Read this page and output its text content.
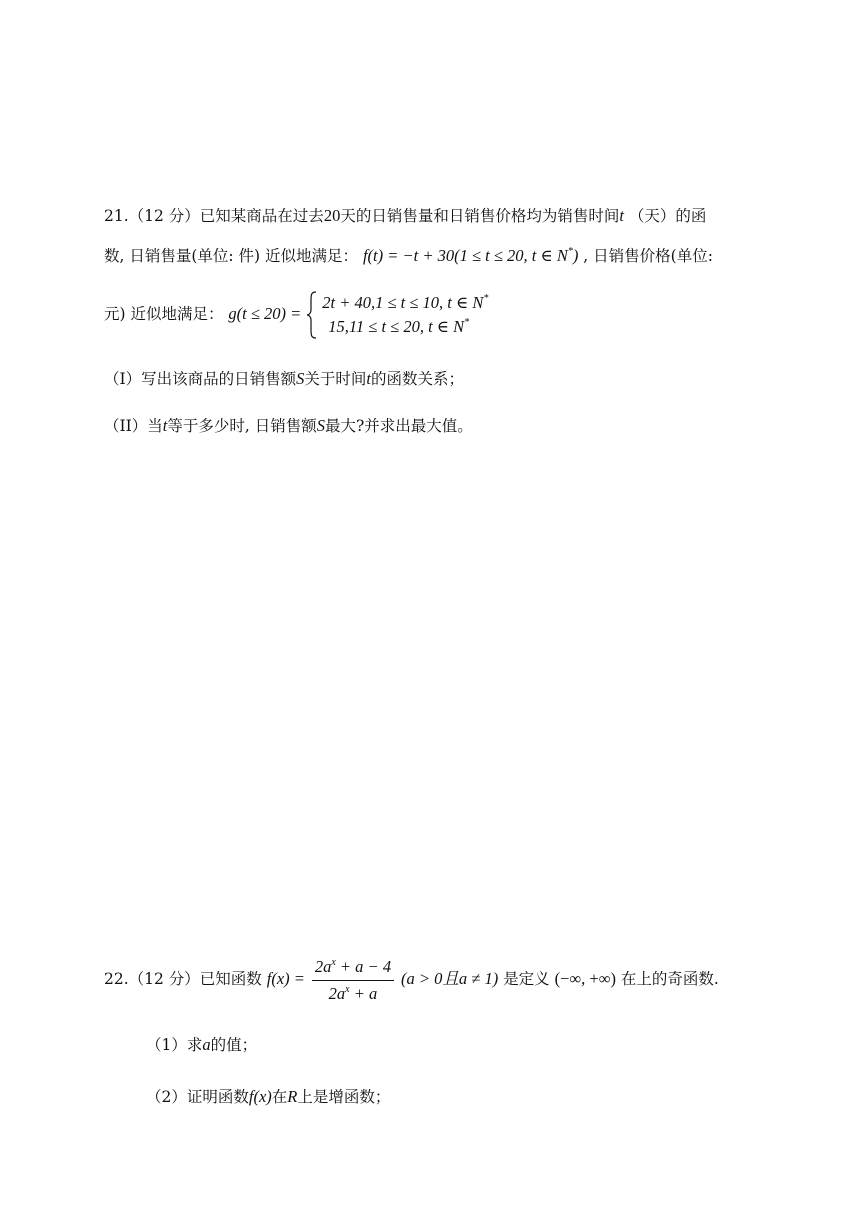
21.（12 分）已知某商品在过去20天的日销售量和日销售价格均为销售时间t （天）的函
数, 日销售量(单位: 件) 近似地满足： f(t) = −t + 30(1 ≤ t ≤ 20, t ∈ N*) , 日销售价格(单位:
元) 近似地满足： g(t ≤ 20) =
2t + 40,1 ≤ t ≤ 10, t ∈ N*
15,11 ≤ t ≤ 20, t ∈ N*
（I）写出该商品的日销售额S关于时间t的函数关系；
（II）当t等于多少时, 日销售额S最大?并求出最大值。
22.（12 分）已知函数 $f(x) = \frac{2a^x + a - 4}{2a^x + a} (a > 0$且a ≠ 1) 是定义 (−∞, +∞) 在上的奇函数.
（1）求a的值；
（2）证明函数f(x)在R上是增函数；
